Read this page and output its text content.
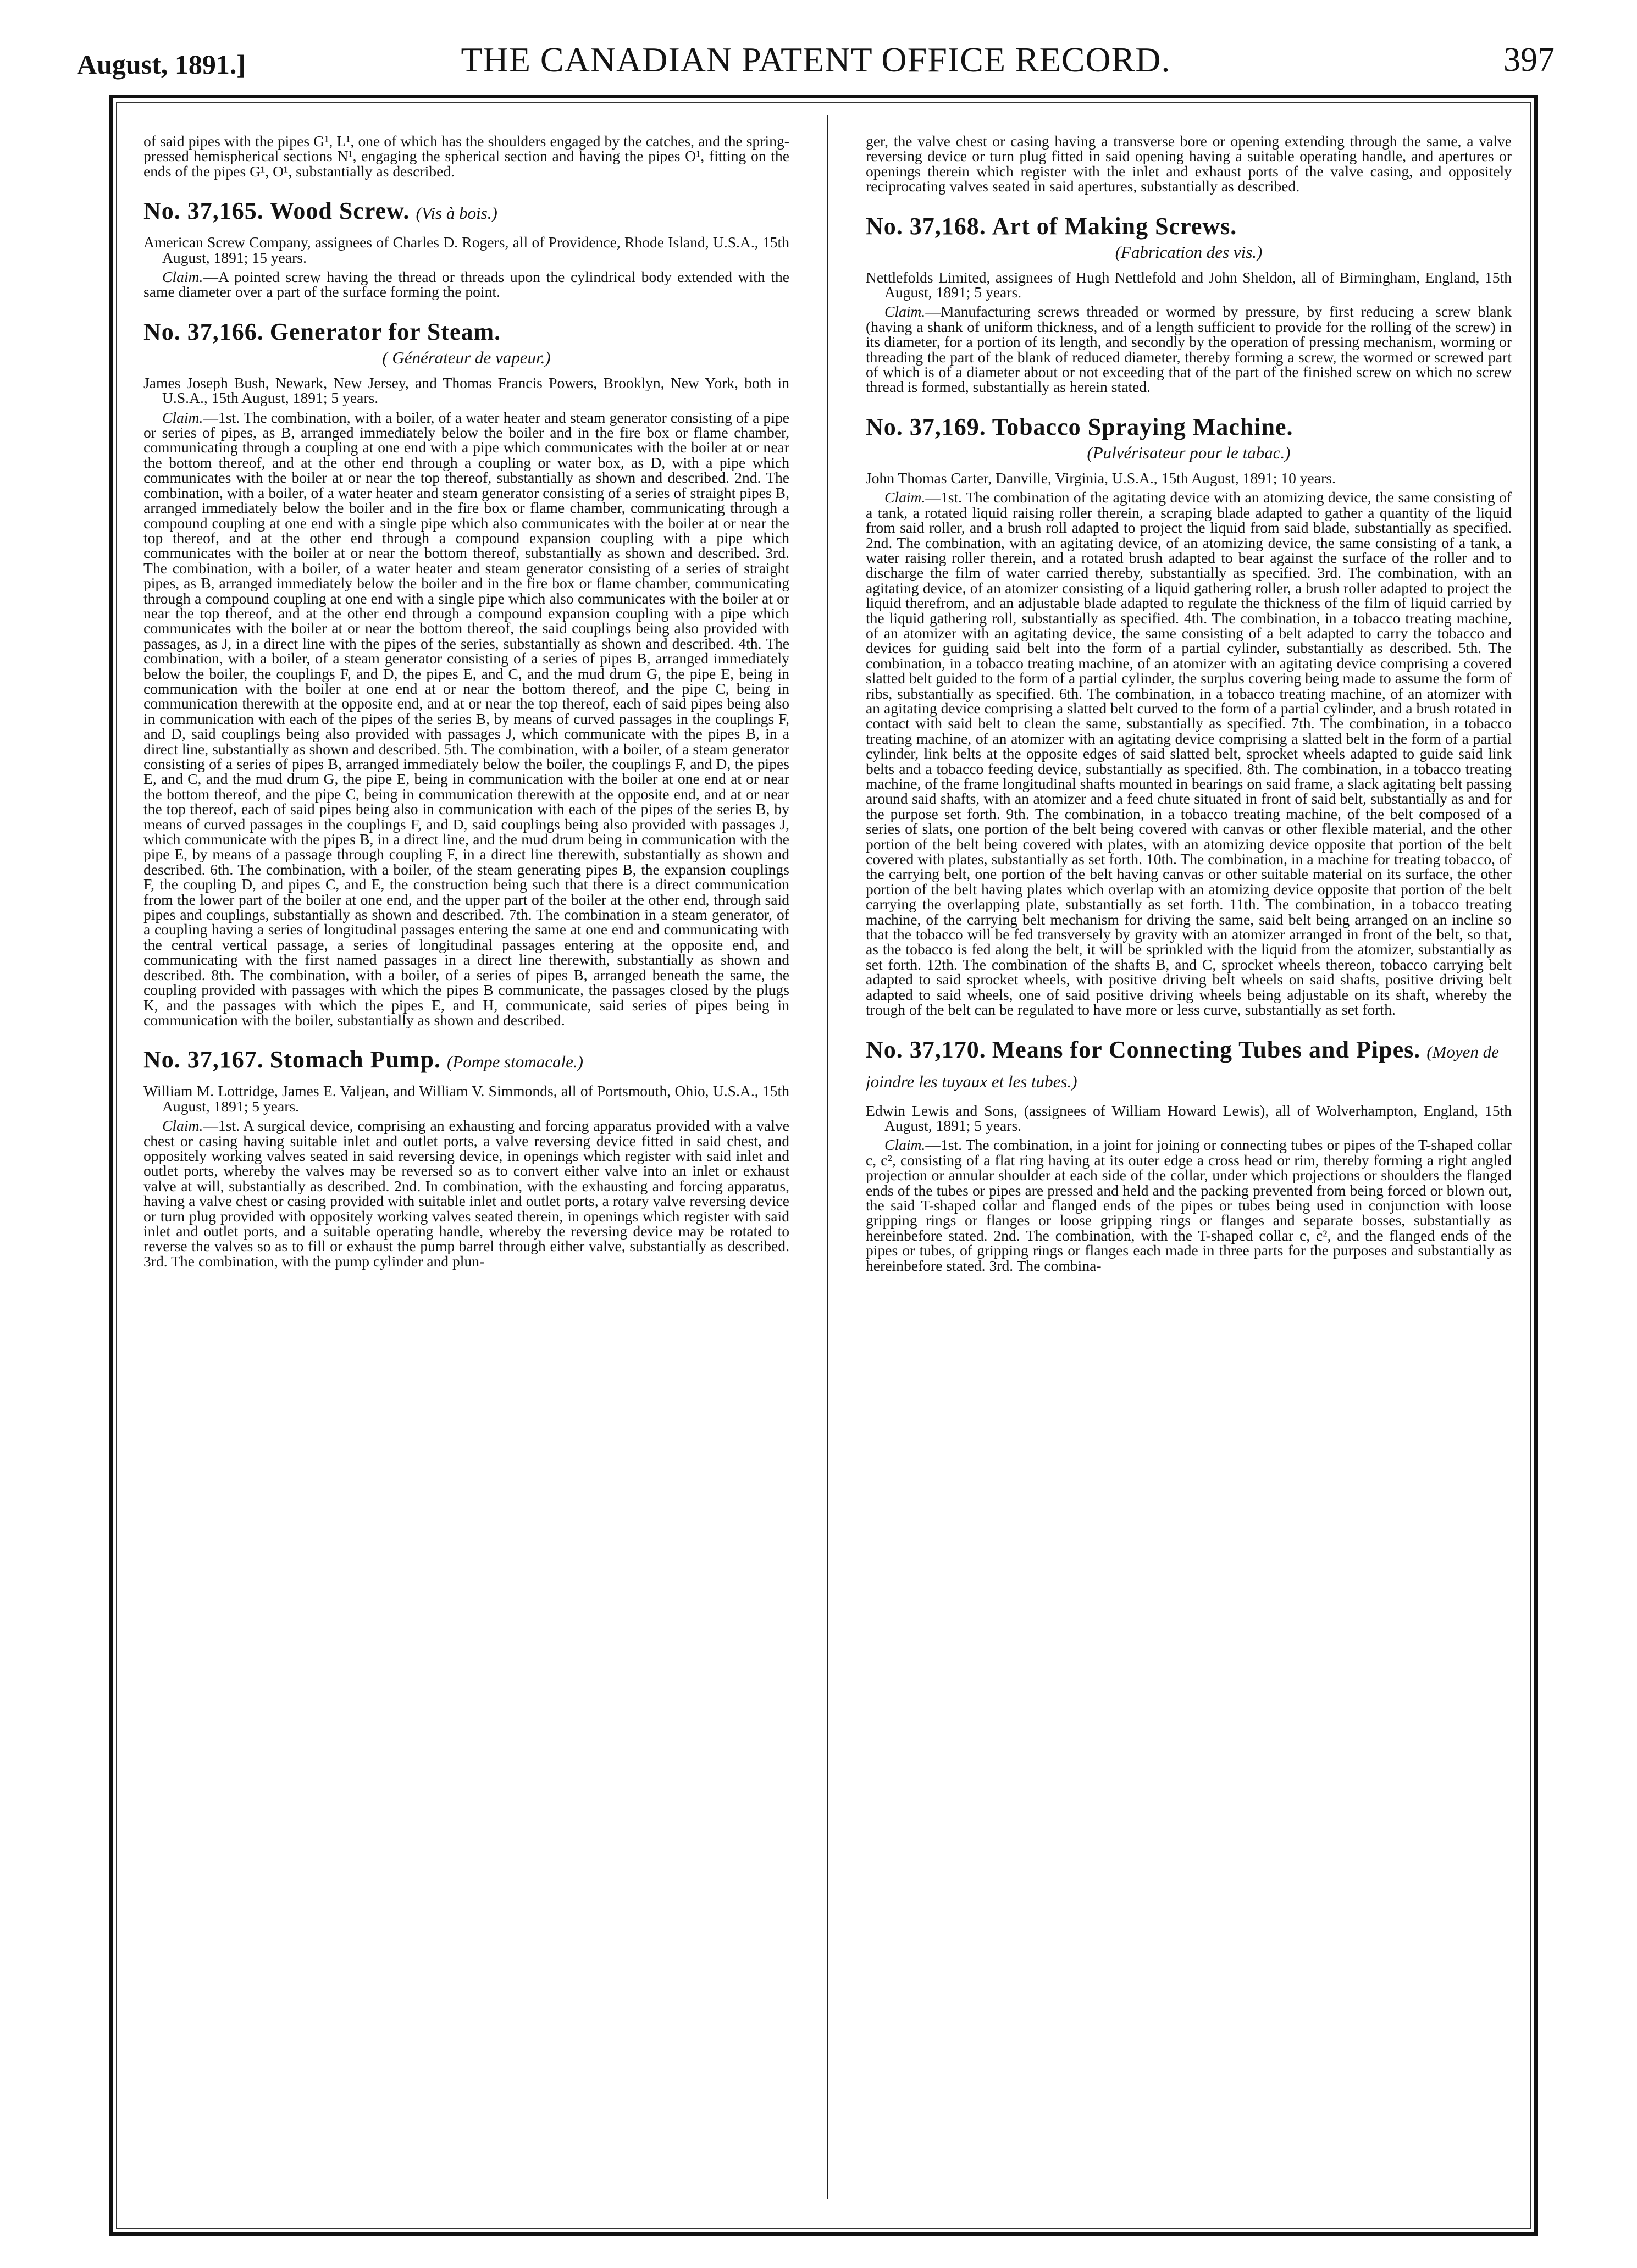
August, 1891.]	THE CANADIAN PATENT OFFICE RECORD.	397

of said pipes with the pipes G¹, L¹, one of which has the shoulders engaged by the catches, and the spring-pressed hemispherical sections N¹, engaging the spherical section and having the pipes O¹, fitting on the ends of the pipes G¹, O¹, substantially as described.

No. 37,165. Wood Screw. (Vis à bois.)

American Screw Company, assignees of Charles D. Rogers, all of Providence, Rhode Island, U.S.A., 15th August, 1891; 15 years.

Claim.—A pointed screw having the thread or threads upon the cylindrical body extended with the same diameter over a part of the surface forming the point.

No. 37,166. Generator for Steam.
( Générateur de vapeur.)

James Joseph Bush, Newark, New Jersey, and Thomas Francis Powers, Brooklyn, New York, both in U.S.A., 15th August, 1891; 5 years.

Claim.—1st. The combination, with a boiler, of a water heater and steam generator consisting of a pipe or series of pipes, as B, arranged immediately below the boiler and in the fire box or flame chamber, communicating through a coupling at one end with a pipe which communicates with the boiler at or near the bottom thereof, and at the other end through a coupling or water box, as D, with a pipe which communicates with the boiler at or near the top thereof, substantially as shown and described. 2nd. The combination, with a boiler, of a water heater and steam generator consisting of a series of straight pipes B, arranged immediately below the boiler and in the fire box or flame chamber, communicating through a compound coupling at one end with a single pipe which also communicates with the boiler at or near the top thereof, and at the other end through a compound expansion coupling with a pipe which communicates with the boiler at or near the bottom thereof, substantially as shown and described. 3rd. The combination, with a boiler, of a water heater and steam generator consisting of a series of straight pipes, as B, arranged immediately below the boiler and in the fire box or flame chamber, communicating through a compound coupling at one end with a single pipe which also communicates with the boiler at or near the top thereof, and at the other end through a compound expansion coupling with a pipe which communicates with the boiler at or near the bottom thereof, the said couplings being also provided with passages, as J, in a direct line with the pipes of the series, substantially as shown and described. 4th. The combination, with a boiler, of a steam generator consisting of a series of pipes B, arranged immediately below the boiler, the couplings F, and D, the pipes E, and C, and the mud drum G, the pipe E, being in communication with the boiler at one end at or near the bottom thereof, and the pipe C, being in communication therewith at the opposite end, and at or near the top thereof, each of said pipes being also in communication with each of the pipes of the series B, by means of curved passages in the couplings F, and D, said couplings being also provided with passages J, which communicate with the pipes B, in a direct line, substantially as shown and described. 5th. The combination, with a boiler, of a steam generator consisting of a series of pipes B, arranged immediately below the boiler, the couplings F, and D, the pipes E, and C, and the mud drum G, the pipe E, being in communication with the boiler at one end at or near the bottom thereof, and the pipe C, being in communication therewith at the opposite end, and at or near the top thereof, each of said pipes being also in communication with each of the pipes of the series B, by means of curved passages in the couplings F, and D, said couplings being also provided with passages J, which communicate with the pipes B, in a direct line, and the mud drum being in communication with the pipe E, by means of a passage through coupling F, in a direct line therewith, substantially as shown and described. 6th. The combination, with a boiler, of the steam generating pipes B, the expansion couplings F, the coupling D, and pipes C, and E, the construction being such that there is a direct communication from the lower part of the boiler at one end, and the upper part of the boiler at the other end, through said pipes and couplings, substantially as shown and described. 7th. The combination in a steam generator, of a coupling having a series of longitudinal passages entering the same at one end and communicating with the central vertical passage, a series of longitudinal passages entering at the opposite end, and communicating with the first named passages in a direct line therewith, substantially as shown and described. 8th. The combination, with a boiler, of a series of pipes B, arranged beneath the same, the coupling provided with passages with which the pipes B communicate, the passages closed by the plugs K, and the passages with which the pipes E, and H, communicate, said series of pipes being in communication with the boiler, substantially as shown and described.

No. 37,167. Stomach Pump. (Pompe stomacale.)

William M. Lottridge, James E. Valjean, and William V. Simmonds, all of Portsmouth, Ohio, U.S.A., 15th August, 1891; 5 years.

Claim.—1st. A surgical device, comprising an exhausting and forcing apparatus provided with a valve chest or casing having suitable inlet and outlet ports, a valve reversing device fitted in said chest, and oppositely working valves seated in said reversing device, in openings which register with said inlet and outlet ports, whereby the valves may be reversed so as to convert either valve into an inlet or exhaust valve at will, substantially as described. 2nd. In combination, with the exhausting and forcing apparatus, having a valve chest or casing provided with suitable inlet and outlet ports, a rotary valve reversing device or turn plug provided with oppositely working valves seated therein, in openings which register with said inlet and outlet ports, and a suitable operating handle, whereby the reversing device may be rotated to reverse the valves so as to fill or exhaust the pump barrel through either valve, substantially as described. 3rd. The combination, with the pump cylinder and plun-

ger, the valve chest or casing having a transverse bore or opening extending through the same, a valve reversing device or turn plug fitted in said opening having a suitable operating handle, and apertures or openings therein which register with the inlet and exhaust ports of the valve casing, and oppositely reciprocating valves seated in said apertures, substantially as described.

No. 37,168. Art of Making Screws.
(Fabrication des vis.)

Nettlefolds Limited, assignees of Hugh Nettlefold and John Sheldon, all of Birmingham, England, 15th August, 1891; 5 years.

Claim.—Manufacturing screws threaded or wormed by pressure, by first reducing a screw blank (having a shank of uniform thickness, and of a length sufficient to provide for the rolling of the screw) in its diameter, for a portion of its length, and secondly by the operation of pressing mechanism, worming or threading the part of the blank of reduced diameter, thereby forming a screw, the wormed or screwed part of which is of a diameter about or not exceeding that of the part of the finished screw on which no screw thread is formed, substantially as herein stated.

No. 37,169. Tobacco Spraying Machine.
(Pulvérisateur pour le tabac.)

John Thomas Carter, Danville, Virginia, U.S.A., 15th August, 1891; 10 years.

Claim.—1st. The combination of the agitating device with an atomizing device, the same consisting of a tank, a rotated liquid raising roller therein, a scraping blade adapted to gather a quantity of the liquid from said roller, and a brush roll adapted to project the liquid from said blade, substantially as specified. 2nd. The combination, with an agitating device, of an atomizing device, the same consisting of a tank, a water raising roller therein, and a rotated brush adapted to bear against the surface of the roller and to discharge the film of water carried thereby, substantially as specified. 3rd. The combination, with an agitating device, of an atomizer consisting of a liquid gathering roller, a brush roller adapted to project the liquid therefrom, and an adjustable blade adapted to regulate the thickness of the film of liquid carried by the liquid gathering roll, substantially as specified. 4th. The combination, in a tobacco treating machine, of an atomizer with an agitating device, the same consisting of a belt adapted to carry the tobacco and devices for guiding said belt into the form of a partial cylinder, substantially as described. 5th. The combination, in a tobacco treating machine, of an atomizer with an agitating device comprising a covered slatted belt guided to the form of a partial cylinder, the surplus covering being made to assume the form of ribs, substantially as specified. 6th. The combination, in a tobacco treating machine, of an atomizer with an agitating device comprising a slatted belt curved to the form of a partial cylinder, and a brush rotated in contact with said belt to clean the same, substantially as specified. 7th. The combination, in a tobacco treating machine, of an atomizer with an agitating device comprising a slatted belt in the form of a partial cylinder, link belts at the opposite edges of said slatted belt, sprocket wheels adapted to guide said link belts and a tobacco feeding device, substantially as specified. 8th. The combination, in a tobacco treating machine, of the frame longitudinal shafts mounted in bearings on said frame, a slack agitating belt passing around said shafts, with an atomizer and a feed chute situated in front of said belt, substantially as and for the purpose set forth. 9th. The combination, in a tobacco treating machine, of the belt composed of a series of slats, one portion of the belt being covered with canvas or other flexible material, and the other portion of the belt being covered with plates, with an atomizing device opposite that portion of the belt covered with plates, substantially as set forth. 10th. The combination, in a machine for treating tobacco, of the carrying belt, one portion of the belt having canvas or other suitable material on its surface, the other portion of the belt having plates which overlap with an atomizing device opposite that portion of the belt carrying the overlapping plate, substantially as set forth. 11th. The combination, in a tobacco treating machine, of the carrying belt mechanism for driving the same, said belt being arranged on an incline so that the tobacco will be fed transversely by gravity with an atomizer arranged in front of the belt, so that, as the tobacco is fed along the belt, it will be sprinkled with the liquid from the atomizer, substantially as set forth. 12th. The combination of the shafts B, and C, sprocket wheels thereon, tobacco carrying belt adapted to said sprocket wheels, with positive driving belt wheels on said shafts, positive driving belt adapted to said wheels, one of said positive driving wheels being adjustable on its shaft, whereby the trough of the belt can be regulated to have more or less curve, substantially as set forth.

No. 37,170. Means for Connecting Tubes and Pipes. (Moyen de joindre les tuyaux et les tubes.)

Edwin Lewis and Sons, (assignees of William Howard Lewis), all of Wolverhampton, England, 15th August, 1891; 5 years.

Claim.—1st. The combination, in a joint for joining or connecting tubes or pipes of the T-shaped collar c, c², consisting of a flat ring having at its outer edge a cross head or rim, thereby forming a right angled projection or annular shoulder at each side of the collar, under which projections or shoulders the flanged ends of the tubes or pipes are pressed and held and the packing prevented from being forced or blown out, the said T-shaped collar and flanged ends of the pipes or tubes being used in conjunction with loose gripping rings or flanges or loose gripping rings or flanges and separate bosses, substantially as hereinbefore stated. 2nd. The combination, with the T-shaped collar c, c², and the flanged ends of the pipes or tubes, of gripping rings or flanges each made in three parts for the purposes and substantially as hereinbefore stated. 3rd. The combina-
